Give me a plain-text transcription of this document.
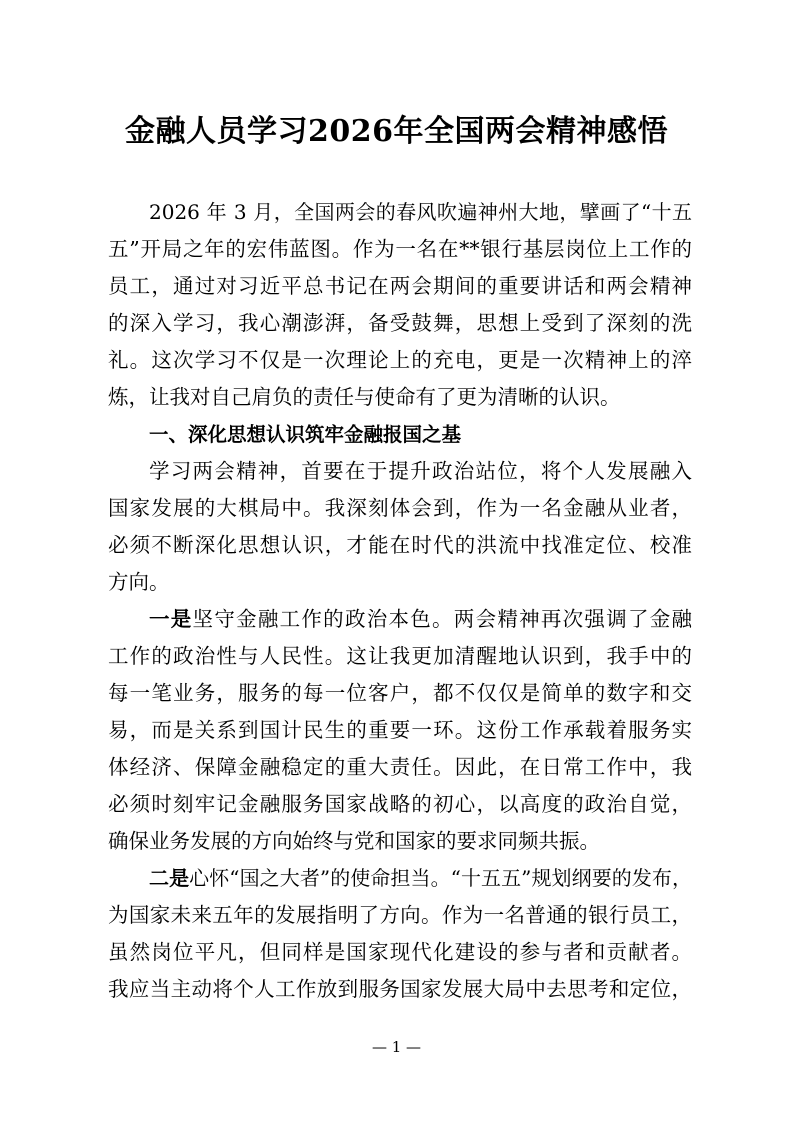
金融人员学习2026年全国两会精神感悟
2026 年 3 月，全国两会的春风吹遍神州大地，擘画了“十五
五”开局之年的宏伟蓝图。作为一名在**银行基层岗位上工作的
员工，通过对习近平总书记在两会期间的重要讲话和两会精神
的深入学习，我心潮澎湃，备受鼓舞，思想上受到了深刻的洗
礼。这次学习不仅是一次理论上的充电，更是一次精神上的淬
炼，让我对自己肩负的责任与使命有了更为清晰的认识。
一、深化思想认识筑牢金融报国之基
学习两会精神，首要在于提升政治站位，将个人发展融入
国家发展的大棋局中。我深刻体会到，作为一名金融从业者，
必须不断深化思想认识，才能在时代的洪流中找准定位、校准
方向。
一是坚守金融工作的政治本色。两会精神再次强调了金融
工作的政治性与人民性。这让我更加清醒地认识到，我手中的
每一笔业务，服务的每一位客户，都不仅仅是简单的数字和交
易，而是关系到国计民生的重要一环。这份工作承载着服务实
体经济、保障金融稳定的重大责任。因此，在日常工作中，我
必须时刻牢记金融服务国家战略的初心，以高度的政治自觉，
确保业务发展的方向始终与党和国家的要求同频共振。
二是心怀“国之大者”的使命担当。“十五五”规划纲要的发布，
为国家未来五年的发展指明了方向。作为一名普通的银行员工，
虽然岗位平凡，但同样是国家现代化建设的参与者和贡献者。
我应当主动将个人工作放到服务国家发展大局中去思考和定位，
— 1 —
